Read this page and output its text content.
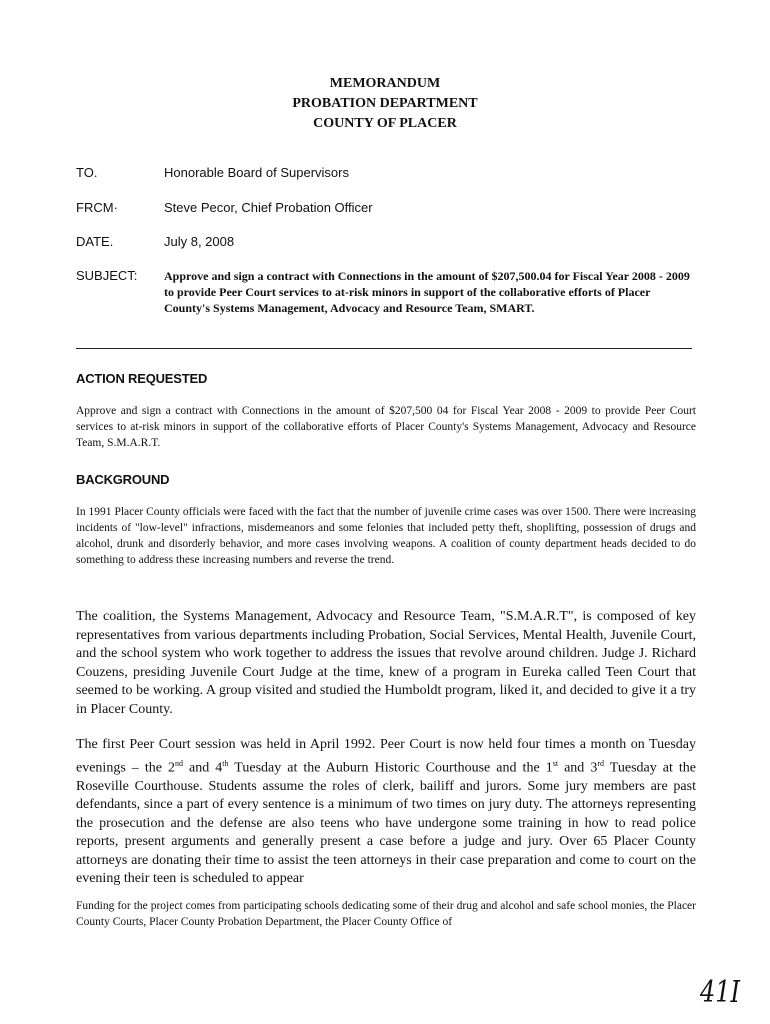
MEMORANDUM
PROBATION DEPARTMENT
COUNTY OF PLACER
TO.	Honorable Board of Supervisors
FRCM·	Steve Pecor, Chief Probation Officer
DATE.	July 8, 2008
SUBJECT: Approve and sign a contract with Connections in the amount of $207,500.04 for Fiscal Year 2008 - 2009 to provide Peer Court services to at-risk minors in support of the collaborative efforts of Placer County's Systems Management, Advocacy and Resource Team, SMART.
ACTION REQUESTED

Approve and sign a contract with Connections in the amount of $207,500 04 for Fiscal Year 2008 - 2009 to provide Peer Court services to at-risk minors in support of the collaborative efforts of Placer County's Systems Management, Advocacy and Resource Team, S.M.A.R.T.

BACKGROUND

In 1991 Placer County officials were faced with the fact that the number of juvenile crime cases was over 1500. There were increasing incidents of "low-level" infractions, misdemeanors and some felonies that included petty theft, shoplifting, possession of drugs and alcohol, drunk and disorderly behavior, and more cases involving weapons. A coalition of county department heads decided to do something to address these increasing numbers and reverse the trend.

The coalition, the Systems Management, Advocacy and Resource Team, "S.M.A.R.T", is composed of key representatives from various departments including Probation, Social Services, Mental Health, Juvenile Court, and the school system who work together to address the issues that revolve around children. Judge J. Richard Couzens, presiding Juvenile Court Judge at the time, knew of a program in Eureka called Teen Court that seemed to be working. A group visited and studied the Humboldt program, liked it, and decided to give it a try in Placer County.

The first Peer Court session was held in April 1992. Peer Court is now held four times a month on Tuesday evenings – the 2nd and 4th Tuesday at the Auburn Historic Courthouse and the 1st and 3rd Tuesday at the Roseville Courthouse. Students assume the roles of clerk, bailiff and jurors. Some jury members are past defendants, since a part of every sentence is a minimum of two times on jury duty. The attorneys representing the prosecution and the defense are also teens who have undergone some training in how to read police reports, present arguments and generally present a case before a judge and jury. Over 65 Placer County attorneys are donating their time to assist the teen attorneys in their case preparation and come to court on the evening their teen is scheduled to appear

Funding for the project comes from participating schools dedicating some of their drug and alcohol and safe school monies, the Placer County Courts, Placer County Probation Department, the Placer County Office of

41I
